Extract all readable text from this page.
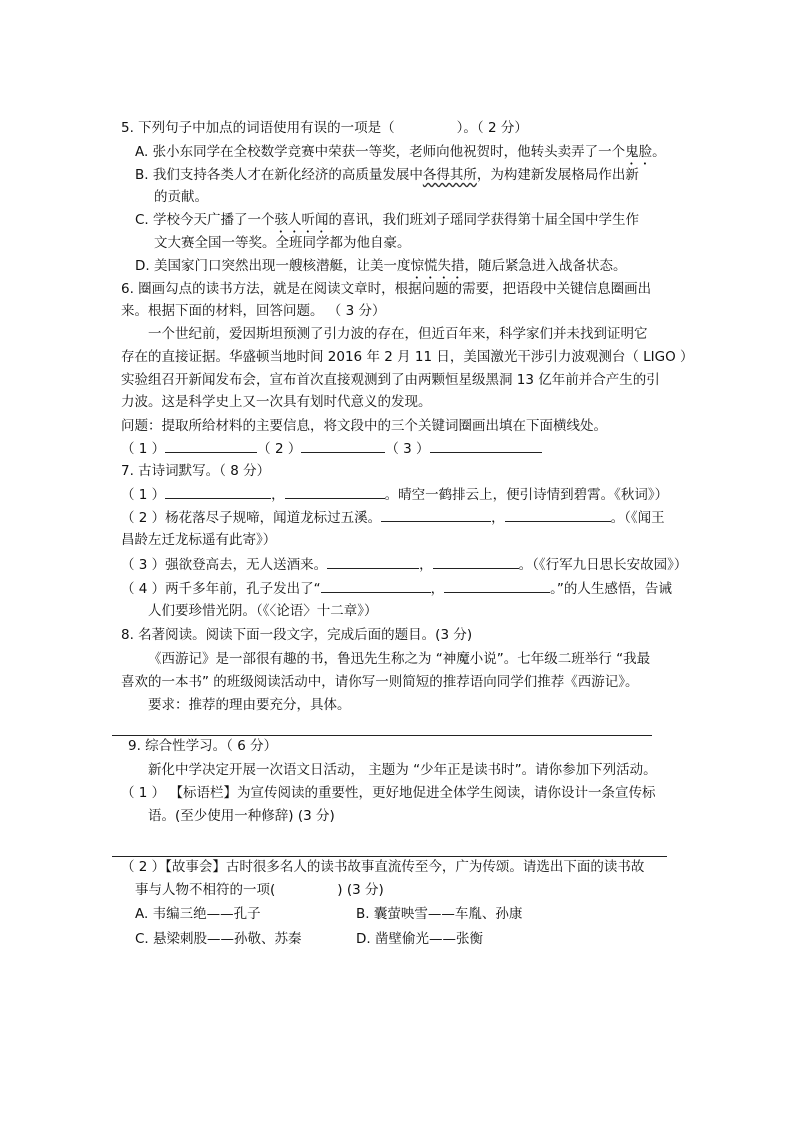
5. 下列句子中加点的词语使用有误的一项是（	）。（ 2 分）
A. 张小东同学在全校数学竞赛中荣获一等奖，老师向他祝贺时，他转头卖弄了一个鬼脸。
B. 我们支持各类人才在新化经济的高质量发展中各得其所，为构建新发展格局作出新
的贡献。
C. 学校今天广播了一个骇人听闻的喜讯，我们班刘子瑶同学获得第十届全国中学生作
文大赛全国一等奖。全班同学都为他自豪。
D. 美国家门口突然出现一艘核潜艇，让美一度惊慌失措，随后紧急进入战备状态。
6. 圈画勾点的读书方法，就是在阅读文章时，根据问题的需要，把语段中关键信息圈画出
来。根据下面的材料，回答问题。 （ 3 分）
一个世纪前，爱因斯坦预测了引力波的存在，但近百年来，科学家们并未找到证明它
存在的直接证据。华盛顿当地时间 2016 年 2 月 11 日，美国激光干涉引力波观测台（ LIGO ）
实验组召开新闻发布会，宣布首次直接观测到了由两颗恒星级黑洞 13 亿年前并合产生的引
力波。这是科学史上又一次具有划时代意义的发现。
问题：提取所给材料的主要信息，将文段中的三个关键词圈画出填在下面横线处。
（ 1 ）	（ 2 ）	（ 3 ）
7. 古诗词默写。（ 8 分）
（ 1 ）	，	。晴空一鹤排云上，便引诗情到碧霄。《秋词》）
（ 2 ）杨花落尽子规啼，闻道龙标过五溪。	，	。（《闻王
昌龄左迁龙标遥有此寄》）
（ 3 ）强欲登高去，无人送酒来。	，	。（《行军九日思长安故园》）
（ 4 ）两千多年前，孔子发出了“	，	。”的人生感悟，告诫
人们要珍惜光阴。（《〈论语〉十二章》）
8. 名著阅读。阅读下面一段文字，完成后面的题目。(3 分)
《西游记》是一部很有趣的书，鲁迅先生称之为 “神魔小说”。七年级二班举行 “我最
喜欢的一本书” 的班级阅读活动中，请你写一则简短的推荐语向同学们推荐《西游记》。
要求：推荐的理由要充分，具体。
9. 综合性学习。（ 6 分）
新化中学决定开展一次语文日活动， 主题为 “少年正是读书时”。请你参加下列活动。
（ 1 ） 【标语栏】为宣传阅读的重要性，更好地促进全体学生阅读，请你设计一条宣传标
语。(至少使用一种修辞) (3 分)
（ 2 ）【故事会】古时很多名人的读书故事直流传至今，广为传颂。请选出下面的读书故
事与人物不相符的一项(	) (3 分)
A. 韦编三绝——孔子	B. 囊萤映雪——车胤、孙康
C. 悬梁刺股——孙敬、苏秦	D. 凿壁偷光——张衡
